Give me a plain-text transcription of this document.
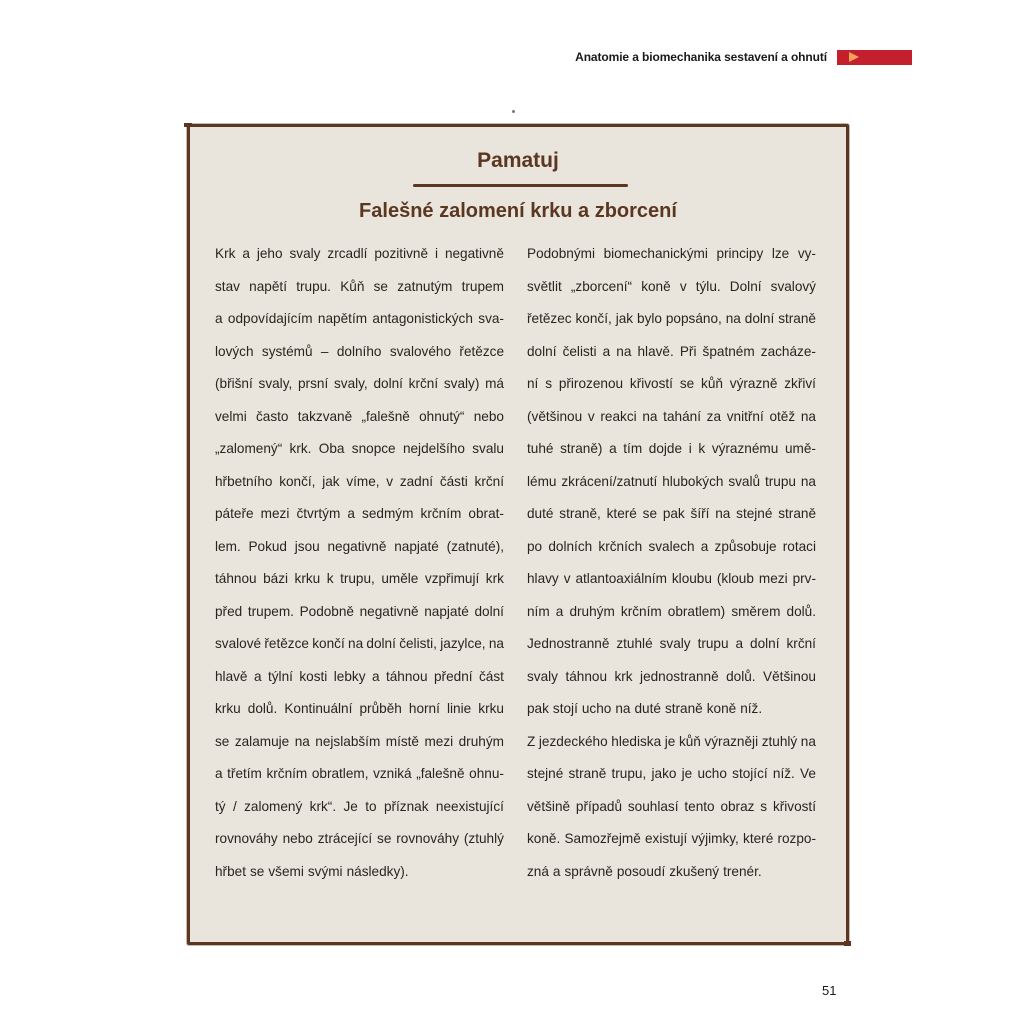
Anatomie a biomechanika sestavení a ohnutí
Pamatuj
Falešné zalomení krku a zborcení
Krk a jeho svaly zrcadlí pozitivně i negativně
stav napětí trupu. Kůň se zatnutým trupem
a odpovídajícím napětím antagonistických sva-
lových systémů – dolního svalového řetězce
(břišní svaly, prsní svaly, dolní krční svaly) má
velmi často takzvaně „falešně ohnutý“ nebo
„zalomený“ krk. Oba snopce nejdelšího svalu
hřbetního končí, jak víme, v zadní části krční
páteře mezi čtvrtým a sedmým krčním obrat-
lem. Pokud jsou negativně napjaté (zatnuté),
táhnou bázi krku k trupu, uměle vzpřimují krk
před trupem. Podobně negativně napjaté dolní
svalové řetězce končí na dolní čelisti, jazylce, na
hlavě a týlní kosti lebky a táhnou přední část
krku dolů. Kontinuální průběh horní linie krku
se zalamuje na nejslabším místě mezi druhým
a třetím krčním obratlem, vzniká „falešně ohnu-
tý / zalomený krk“. Je to příznak neexistující
rovnováhy nebo ztrácející se rovnováhy (ztuhlý
hřbet se všemi svými následky).
Podobnými biomechanickými principy lze vy-
světlit „zborcení“ koně v týlu. Dolní svalový
řetězec končí, jak bylo popsáno, na dolní straně
dolní čelisti a na hlavě. Při špatném zacháze-
ní s přirozenou křivostí se kůň výrazně zkřiví
(většinou v reakci na tahání za vnitřní otěž na
tuhé straně) a tím dojde i k výraznému umě-
lému zkrácení/zatnutí hlubokých svalů trupu na
duté straně, které se pak šíří na stejné straně
po dolních krčních svalech a způsobuje rotaci
hlavy v atlantoaxiálním kloubu (kloub mezi prv-
ním a druhým krčním obratlem) směrem dolů.
Jednostranně ztuhlé svaly trupu a dolní krční
svaly táhnou krk jednostranně dolů. Většinou
pak stojí ucho na duté straně koně níž.
Z jezdeckého hlediska je kůň výrazněji ztuhlý na
stejné straně trupu, jako je ucho stojící níž. Ve
většině případů souhlasí tento obraz s křivostí
koně. Samozřejmě existují výjimky, které rozpo-
zná a správně posoudí zkušený trenér.
51
